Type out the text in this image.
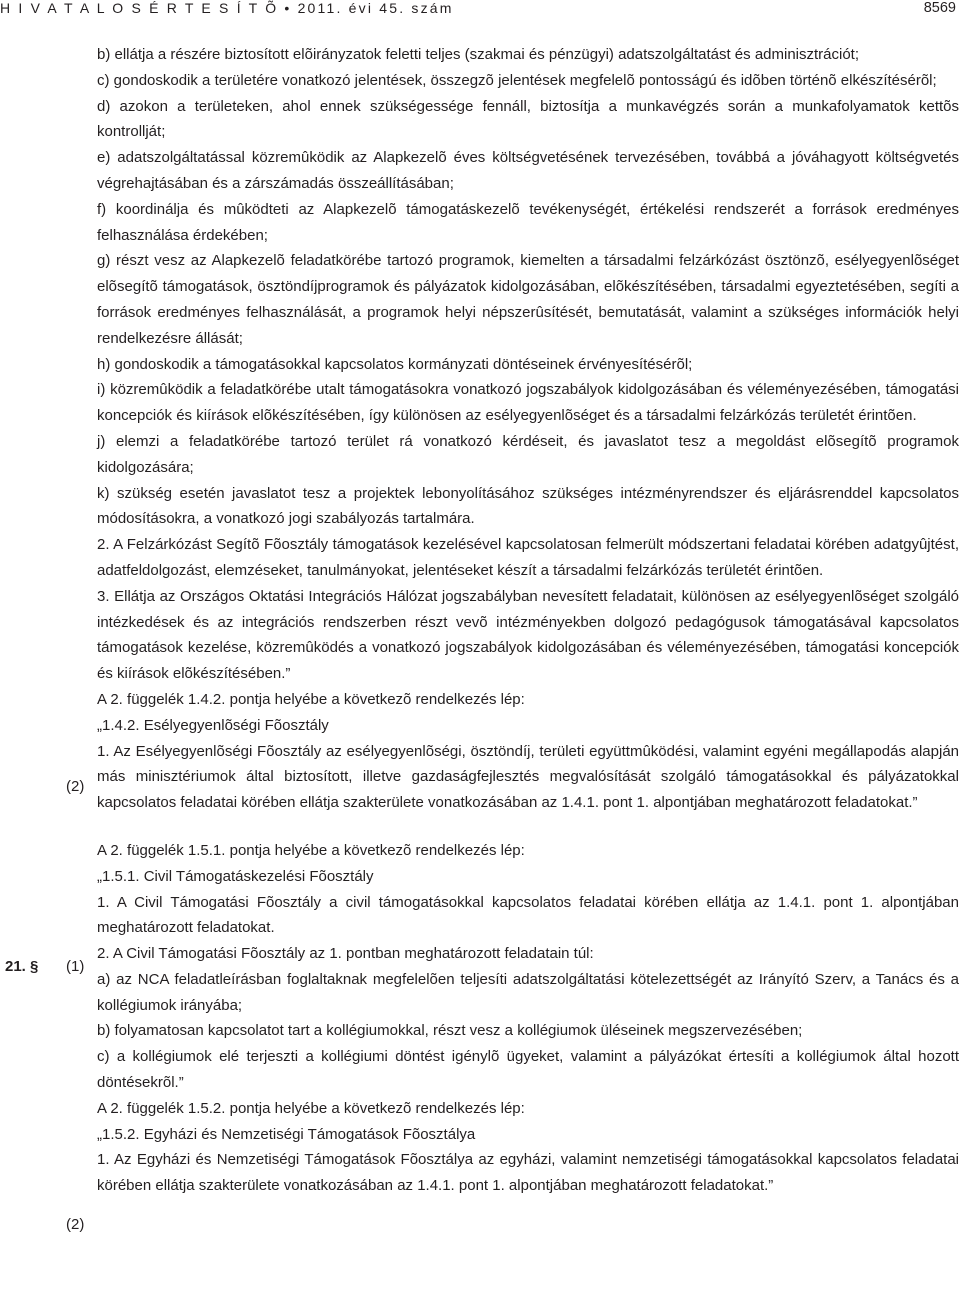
H I V A T A L O S É R T E S Í T Õ • 2011. évi 45. szám	8569

b) ellátja a részére biztosított elõirányzatok feletti teljes (szakmai és pénzügyi) adatszolgáltatást és adminisztrációt;

c) gondoskodik a területére vonatkozó jelentések, összegzõ jelentések megfelelõ pontosságú és idõben történõ elkészítésérõl;

d) azokon a területeken, ahol ennek szükségessége fennáll, biztosítja a munkavégzés során a munkafolyamatok kettõs kontrollját;

e) adatszolgáltatással közremûködik az Alapkezelõ éves költségvetésének tervezésében, továbbá a jóváhagyott költségvetés végrehajtásában és a zárszámadás összeállításában;

f) koordinálja és mûködteti az Alapkezelõ támogatáskezelõ tevékenységét, értékelési rendszerét a források eredményes felhasználása érdekében;

g) részt vesz az Alapkezelõ feladatkörébe tartozó programok, kiemelten a társadalmi felzárkózást ösztönzõ, esélyegyenlõséget elõsegítõ támogatások, ösztöndíjprogramok és pályázatok kidolgozásában, elõkészítésében, társadalmi egyeztetésében, segíti a források eredményes felhasználását, a programok helyi népszerûsítését, bemutatását, valamint a szükséges információk helyi rendelkezésre állását;

h) gondoskodik a támogatásokkal kapcsolatos kormányzati döntéseinek érvényesítésérõl;

i) közremûködik a feladatkörébe utalt támogatásokra vonatkozó jogszabályok kidolgozásában és véleményezésében, támogatási koncepciók és kiírások elõkészítésében, így különösen az esélyegyenlõséget és a társadalmi felzárkózás területét érintõen.

j) elemzi a feladatkörébe tartozó terület rá vonatkozó kérdéseit, és javaslatot tesz a megoldást elõsegítõ programok kidolgozására;

k) szükség esetén javaslatot tesz a projektek lebonyolításához szükséges intézményrendszer és eljárásrenddel kapcsolatos módosításokra, a vonatkozó jogi szabályozás tartalmára.

2. A Felzárkózást Segítõ Fõosztály támogatások kezelésével kapcsolatosan felmerült módszertani feladatai körében adatgyûjtést, adatfeldolgozást, elemzéseket, tanulmányokat, jelentéseket készít a társadalmi felzárkózás területét érintõen.

3. Ellátja az Országos Oktatási Integrációs Hálózat jogszabályban nevesített feladatait, különösen az esélyegyenlõséget szolgáló intézkedések és az integrációs rendszerben részt vevõ intézményekben dolgozó pedagógusok támogatásával kapcsolatos támogatások kezelése, közremûködés a vonatkozó jogszabályok kidolgozásában és véleményezésében, támogatási koncepciók és kiírások elõkészítésében.”

A 2. függelék 1.4.2. pontja helyébe a következõ rendelkezés lép:

„1.4.2. Esélyegyenlõségi Fõosztály

1. Az Esélyegyenlõségi Fõosztály az esélyegyenlõségi, ösztöndíj, területi együttmûködési, valamint egyéni megállapodás alapján más minisztériumok által biztosított, illetve gazdaságfejlesztés megvalósítását szolgáló támogatásokkal és pályázatokkal kapcsolatos feladatai körében ellátja szakterülete vonatkozásában az 1.4.1. pont 1. alpontjában meghatározott feladatokat.”

A 2. függelék 1.5.1. pontja helyébe a következõ rendelkezés lép:

„1.5.1. Civil Támogatáskezelési Fõosztály

1. A Civil Támogatási Fõosztály a civil támogatásokkal kapcsolatos feladatai körében ellátja az 1.4.1. pont 1. alpontjában meghatározott feladatokat.

2. A Civil Támogatási Fõosztály az 1. pontban meghatározott feladatain túl:

a) az NCA feladatleírásban foglaltaknak megfelelõen teljesíti adatszolgáltatási kötelezettségét az Irányító Szerv, a Tanács és a kollégiumok irányába;

b) folyamatosan kapcsolatot tart a kollégiumokkal, részt vesz a kollégiumok üléseinek megszervezésében;

c) a kollégiumok elé terjeszti a kollégiumi döntést igénylõ ügyeket, valamint a pályázókat értesíti a kollégiumok által hozott döntésekrõl.”

A 2. függelék 1.5.2. pontja helyébe a következõ rendelkezés lép:

„1.5.2. Egyházi és Nemzetiségi Támogatások Fõosztálya

1. Az Egyházi és Nemzetiségi Támogatások Fõosztálya az egyházi, valamint nemzetiségi támogatásokkal kapcsolatos feladatai körében ellátja szakterülete vonatkozásában az 1.4.1. pont 1. alpontjában meghatározott feladatokat.”

(2)
21. § (1)
(2)
